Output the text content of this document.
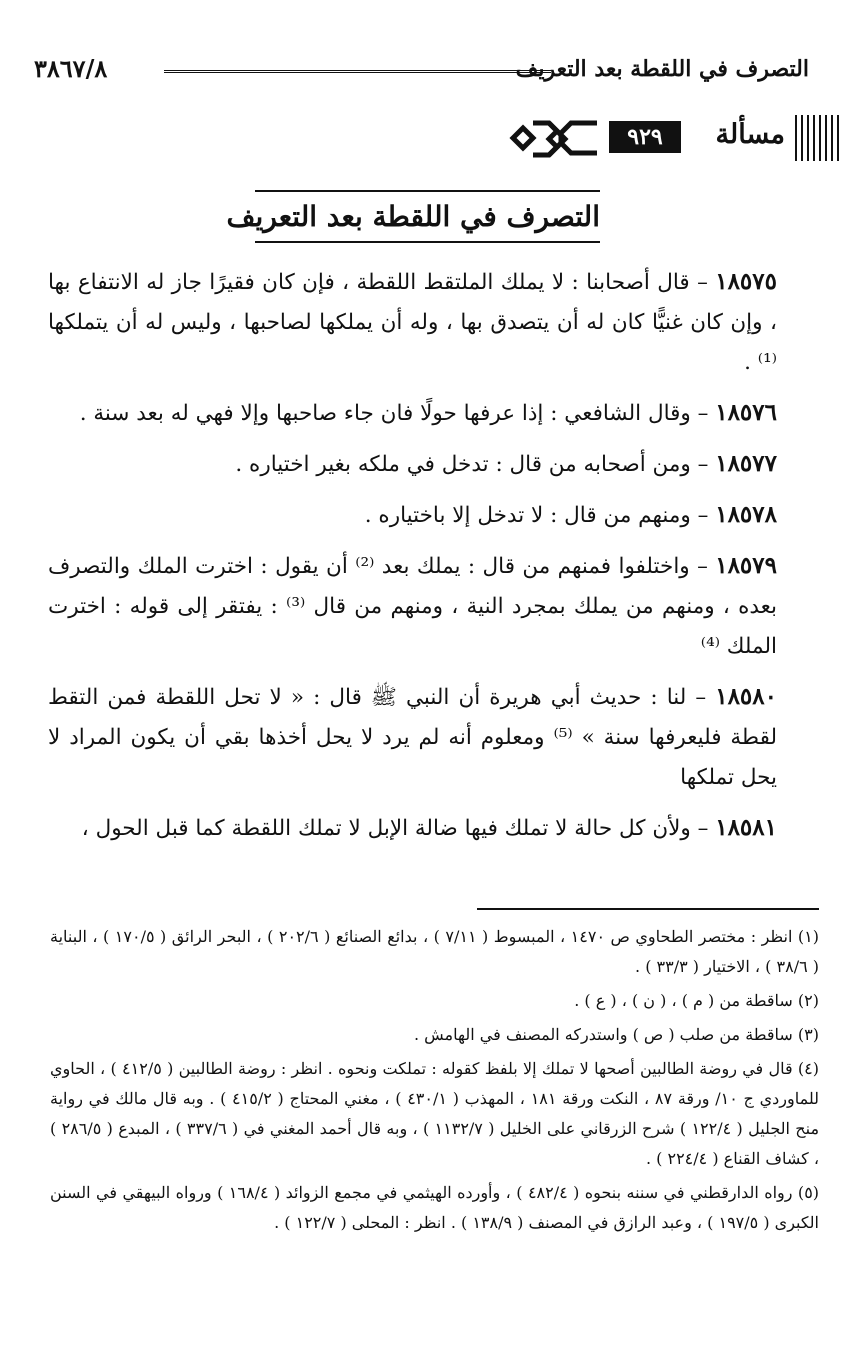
التصرف في اللقطة بعد التعريف
٣٨٦٧/٨
مسألة
٩٢٩
التصرف في اللقطة بعد التعريف

١٨٥٧٥ – قال أصحابنا : لا يملك الملتقط اللقطة ، فإن كان فقيرًا جاز له الانتفاع بها ، وإن كان غنيًّا كان له أن يتصدق بها ، وله أن يملكها لصاحبها ، وليس له أن يتملكها ⁽¹⁾ .

١٨٥٧٦ – وقال الشافعي : إذا عرفها حولًا فان جاء صاحبها وإلا فهي له بعد سنة .

١٨٥٧٧ – ومن أصحابه من قال : تدخل في ملكه بغير اختياره .

١٨٥٧٨ – ومنهم من قال : لا تدخل إلا باختياره .

١٨٥٧٩ – واختلفوا فمنهم من قال : يملك بعد ⁽²⁾ أن يقول : اخترت الملك والتصرف بعده ، ومنهم من يملك بمجرد النية ، ومنهم من قال ⁽³⁾ : يفتقر إلى قوله : اخترت الملك ⁽⁴⁾

١٨٥٨٠ – لنا : حديث أبي هريرة أن النبي ﷺ قال : « لا تحل اللقطة فمن التقط لقطة فليعرفها سنة » ⁽⁵⁾ ومعلوم أنه لم يرد لا يحل أخذها بقي أن يكون المراد لا يحل تملكها

١٨٥٨١ – ولأن كل حالة لا تملك فيها ضالة الإبل لا تملك اللقطة كما قبل الحول ،

(١) انظر : مختصر الطحاوي ص ١٤٧٠ ، المبسوط ( ٧/١١ ) ، بدائع الصنائع ( ٢٠٢/٦ ) ، البحر الرائق ( ١٧٠/٥ ) ، البناية ( ٣٨/٦ ) ، الاختيار ( ٣٣/٣ ) .

(٢) ساقطة من ( م ) ، ( ن ) ، ( ع ) .

(٣) ساقطة من صلب ( ص ) واستدركه المصنف في الهامش .

(٤) قال في روضة الطالبين أصحها لا تملك إلا بلفظ كقوله : تملكت ونحوه . انظر : روضة الطالبين ( ٤١٢/٥ ) ، الحاوي للماوردي ج ١٠/ ورقة ٨٧ ، النكت ورقة ١٨١ ، المهذب ( ٤٣٠/١ ) ، مغني المحتاج ( ٤١٥/٢ ) . وبه قال مالك في رواية منح الجليل ( ١٢٢/٤ ) شرح الزرقاني على الخليل ( ١١٣٢/٧ ) ، وبه قال أحمد المغني في ( ٣٣٧/٦ ) ، المبدع ( ٢٨٦/٥ ) ، كشاف القناع ( ٢٢٤/٤ ) .

(٥) رواه الدارقطني في سننه بنحوه ( ٤٨٢/٤ ) ، وأورده الهيثمي في مجمع الزوائد ( ١٦٨/٤ ) ورواه البيهقي في السنن الكبرى ( ١٩٧/٥ ) ، وعبد الرازق في المصنف ( ١٣٨/٩ ) . انظر : المحلى ( ١٢٢/٧ ) .
